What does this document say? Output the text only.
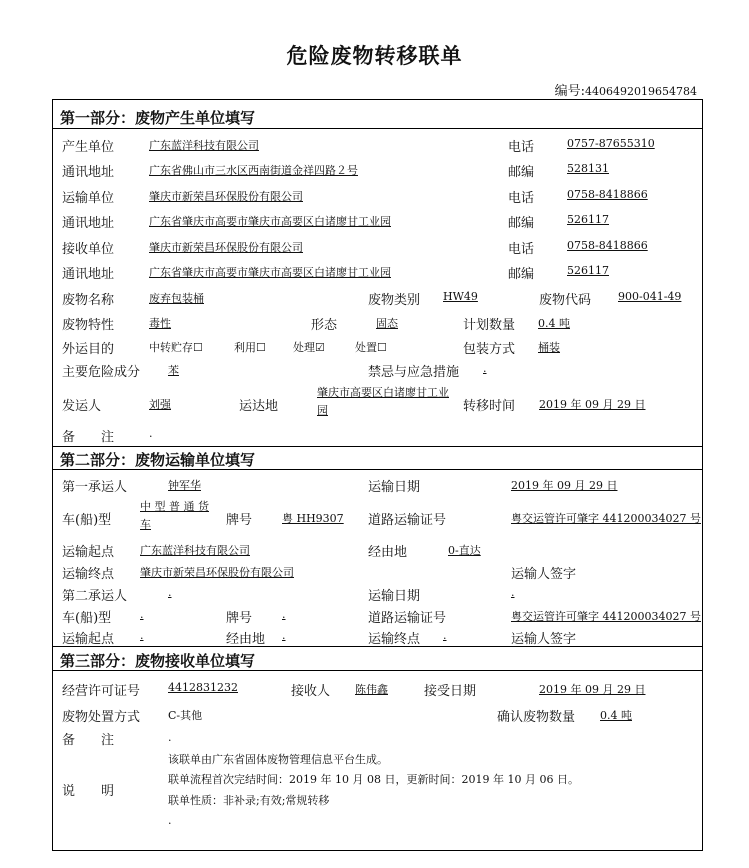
危险废物转移联单
编号:4406492019654784
第一部分：废物产生单位填写
产生单位	广东蓝洋科技有限公司	电话	0757-87655310
通讯地址	广东省佛山市三水区西南街道金祥四路２号	邮编	528131
运输单位	肇庆市新荣昌环保股份有限公司	电话	0758-8418866
通讯地址	广东省肇庆市高要市肇庆市高要区白诸廖甘工业园	邮编	526117
接收单位	肇庆市新荣昌环保股份有限公司	电话	0758-8418866
通讯地址	广东省肇庆市高要市肇庆市高要区白诸廖甘工业园	邮编	526117
废物名称	废弃包装桶	废物类别 HW49	废物代码 900-041-49
废物特性	毒性	形态	固态	计划数量 0.4 吨
外运目的	中转贮存☐	利用☐ 处理☑	处置☐	包装方式 桶装
主要危险成分	苯	禁忌与应急措施 .
发运人	刘强	运达地
肇庆市高要区白诸廖甘工业园	转移时间 2019 年 09 月 29 日
备　　注	.
第二部分：废物运输单位填写
第一承运人	钟军华	运输日期	2019 年 09 月 29 日
车(船)型
中 型 普 通 货 车	牌号	粤 HH9307 道路运输证号	粤交运管许可肇字 441200034027 号
运输起点 广东蓝洋科技有限公司	经由地	0-直达
运输终点 肇庆市新荣昌环保股份有限公司	运输人签字
第二承运人	.	运输日期	.
车(船)型	.	牌号	.	道路运输证号	粤交运管许可肇字 441200034027 号
运输起点 .	经由地 .	运输终点 .	运输人签字
第三部分：废物接收单位填写
经营许可证号	4412831232	接收人 陈伟鑫	接受日期	2019 年 09 月 29 日
废物处置方式	C-其他	确认废物数量 0.4 吨
备　　注	.
该联单由广东省固体废物管理信息平台生成。
说　　明
联单流程首次完结时间：2019 年 10 月 08 日，更新时间：2019 年 10 月 06 日。
联单性质：非补录;有效;常规转移
.
